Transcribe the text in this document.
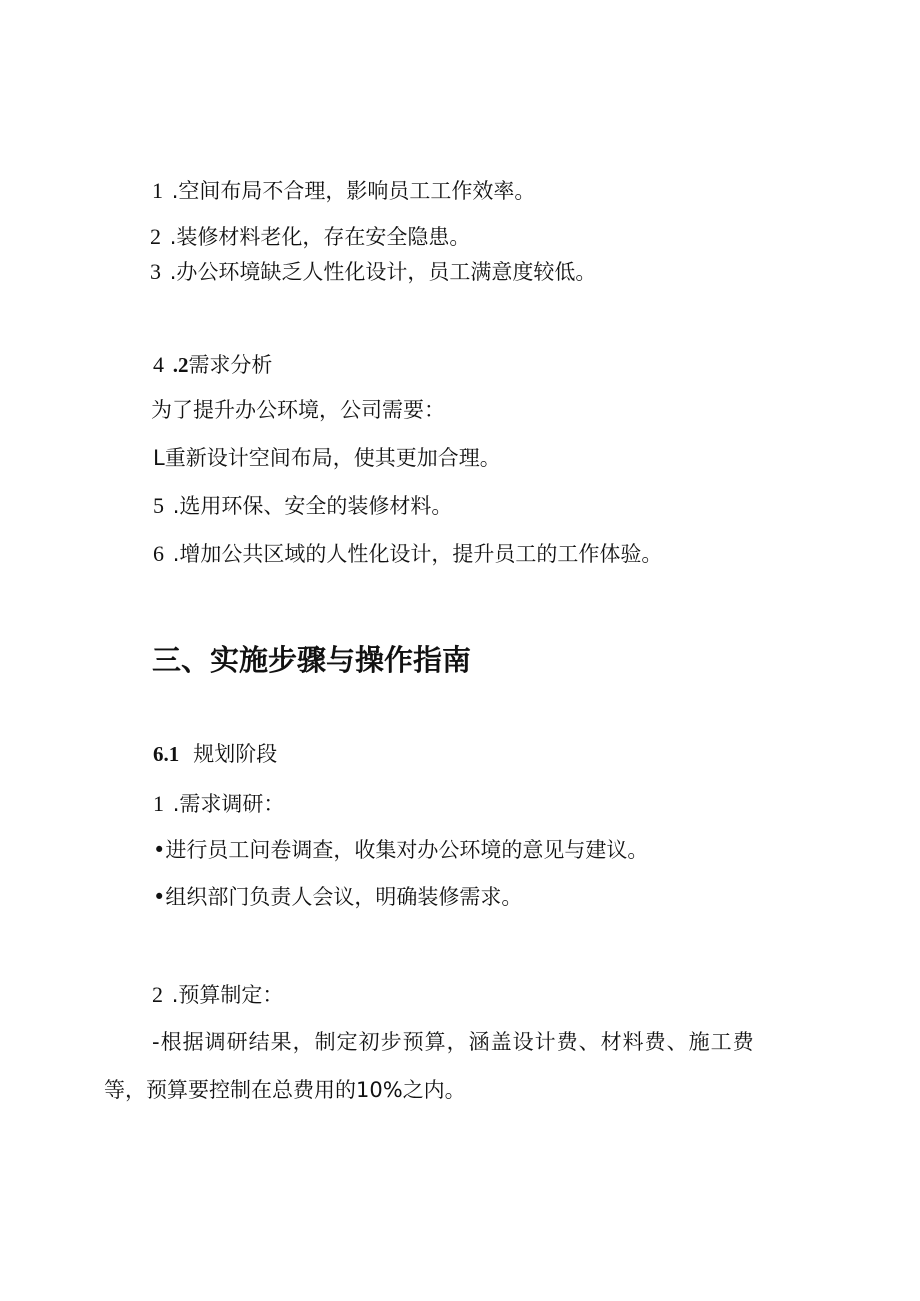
1 .空间布局不合理，影响员工工作效率。
2 .装修材料老化，存在安全隐患。
3 .办公环境缺乏人性化设计，员工满意度较低。
4 .2需求分析
为了提升办公环境，公司需要：
L重新设计空间布局，使其更加合理。
5 .选用环保、安全的装修材料。
6 .增加公共区域的人性化设计，提升员工的工作体验。
三、实施步骤与操作指南
6.1 规划阶段
1 .需求调研：
•进行员工问卷调查，收集对办公环境的意见与建议。
•组织部门负责人会议，明确装修需求。
2 .预算制定：
-根据调研结果，制定初步预算，涵盖设计费、材料费、施工费
等，预算要控制在总费用的10%之内。
